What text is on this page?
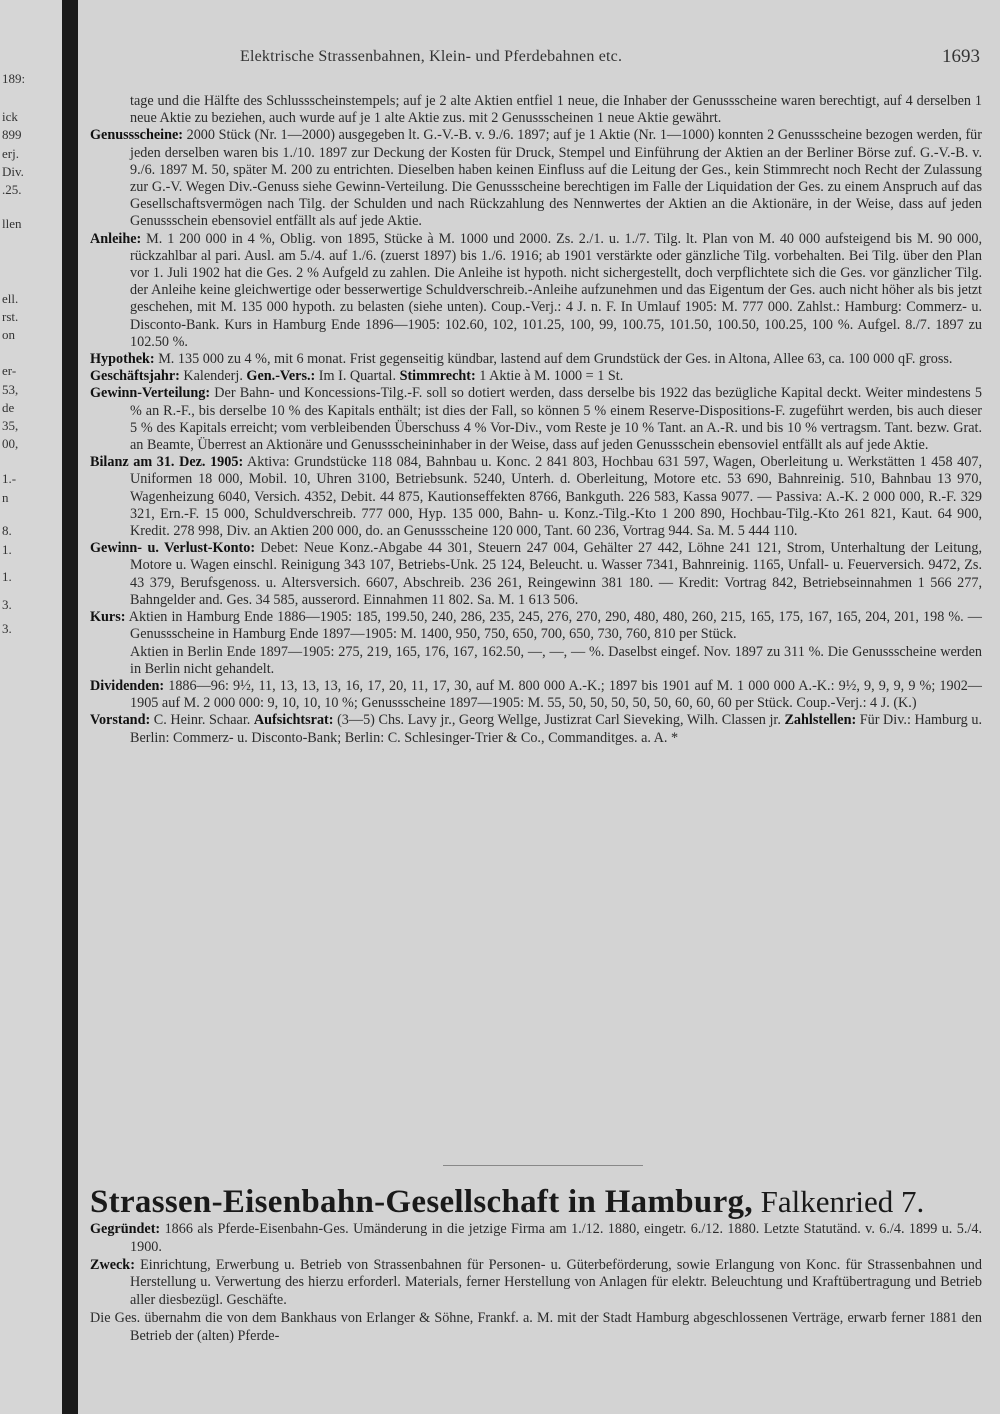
189:
ick
899
erj.
Div.
.25.
llen
ell.
rst.
on
er-
53,
de
35,
00,
1.-
n
8.
1.
1.
3.
3.
Elektrische Strassenbahnen, Klein- und Pferdebahnen etc.	1693

tage und die Hälfte des Schlussscheinstempels; auf je 2 alte Aktien entfiel 1 neue, die Inhaber der Genussscheine waren berechtigt, auf 4 derselben 1 neue Aktie zu beziehen, auch wurde auf je 1 alte Aktie zus. mit 2 Genussscheinen 1 neue Aktie gewährt.

Genussscheine: 2000 Stück (Nr. 1—2000) ausgegeben lt. G.-V.-B. v. 9./6. 1897; auf je 1 Aktie (Nr. 1—1000) konnten 2 Genussscheine bezogen werden, für jeden derselben waren bis 1./10. 1897 zur Deckung der Kosten für Druck, Stempel und Einführung der Aktien an der Berliner Börse zuf. G.-V.-B. v. 9./6. 1897 M. 50, später M. 200 zu entrichten. Dieselben haben keinen Einfluss auf die Leitung der Ges., kein Stimmrecht noch Recht der Zulassung zur G.-V. Wegen Div.-Genuss siehe Gewinn-Verteilung. Die Genussscheine berechtigen im Falle der Liquidation der Ges. zu einem Anspruch auf das Gesellschaftsvermögen nach Tilg. der Schulden und nach Rückzahlung des Nennwertes der Aktien an die Aktionäre, in der Weise, dass auf jeden Genussschein ebensoviel entfällt als auf jede Aktie.

Anleihe: M. 1 200 000 in 4 %, Oblig. von 1895, Stücke à M. 1000 und 2000. Zs. 2./1. u. 1./7. Tilg. lt. Plan von M. 40 000 aufsteigend bis M. 90 000, rückzahlbar al pari. Ausl. am 5./4. auf 1./6. (zuerst 1897) bis 1./6. 1916; ab 1901 verstärkte oder gänzliche Tilg. vorbehalten. Bei Tilg. über den Plan vor 1. Juli 1902 hat die Ges. 2 % Aufgeld zu zahlen. Die Anleihe ist hypoth. nicht sichergestellt, doch verpflichtete sich die Ges. vor gänzlicher Tilg. der Anleihe keine gleichwertige oder besserwertige Schuldverschreib.-Anleihe aufzunehmen und das Eigentum der Ges. auch nicht höher als bis jetzt geschehen, mit M. 135 000 hypoth. zu belasten (siehe unten). Coup.-Verj.: 4 J. n. F. In Umlauf 1905: M. 777 000. Zahlst.: Hamburg: Commerz- u. Disconto-Bank. Kurs in Hamburg Ende 1896—1905: 102.60, 102, 101.25, 100, 99, 100.75, 101.50, 100.50, 100.25, 100 %. Aufgel. 8./7. 1897 zu 102.50 %.

Hypothek: M. 135 000 zu 4 %, mit 6 monat. Frist gegenseitig kündbar, lastend auf dem Grundstück der Ges. in Altona, Allee 63, ca. 100 000 qF. gross.

Geschäftsjahr: Kalenderj. Gen.-Vers.: Im I. Quartal. Stimmrecht: 1 Aktie à M. 1000 = 1 St.

Gewinn-Verteilung: Der Bahn- und Koncessions-Tilg.-F. soll so dotiert werden, dass derselbe bis 1922 das bezügliche Kapital deckt. Weiter mindestens 5 % an R.-F., bis derselbe 10 % des Kapitals enthält; ist dies der Fall, so können 5 % einem Reserve-Dispositions-F. zugeführt werden, bis auch dieser 5 % des Kapitals erreicht; vom verbleibenden Überschuss 4 % Vor-Div., vom Reste je 10 % Tant. an A.-R. und bis 10 % vertragsm. Tant. bezw. Grat. an Beamte, Überrest an Aktionäre und Genussscheininhaber in der Weise, dass auf jeden Genussschein ebensoviel entfällt als auf jede Aktie.

Bilanz am 31. Dez. 1905: Aktiva: Grundstücke 118 084, Bahnbau u. Konc. 2 841 803, Hochbau 631 597, Wagen, Oberleitung u. Werkstätten 1 458 407, Uniformen 18 000, Mobil. 10, Uhren 3100, Betriebsunk. 5240, Unterh. d. Oberleitung, Motore etc. 53 690, Bahnreinig. 510, Bahnbau 13 970, Wagenheizung 6040, Versich. 4352, Debit. 44 875, Kautionseffekten 8766, Bankguth. 226 583, Kassa 9077. — Passiva: A.-K. 2 000 000, R.-F. 329 321, Ern.-F. 15 000, Schuldverschreib. 777 000, Hyp. 135 000, Bahn- u. Konz.-Tilg.-Kto 1 200 890, Hochbau-Tilg.-Kto 261 821, Kaut. 64 900, Kredit. 278 998, Div. an Aktien 200 000, do. an Genussscheine 120 000, Tant. 60 236, Vortrag 944. Sa. M. 5 444 110.

Gewinn- u. Verlust-Konto: Debet: Neue Konz.-Abgabe 44 301, Steuern 247 004, Gehälter 27 442, Löhne 241 121, Strom, Unterhaltung der Leitung, Motore u. Wagen einschl. Reinigung 343 107, Betriebs-Unk. 25 124, Beleucht. u. Wasser 7341, Bahnreinig. 1165, Unfall- u. Feuerversich. 9472, Zs. 43 379, Berufsgenoss. u. Altersversich. 6607, Abschreib. 236 261, Reingewinn 381 180. — Kredit: Vortrag 842, Betriebseinnahmen 1 566 277, Bahngelder and. Ges. 34 585, ausserord. Einnahmen 11 802. Sa. M. 1 613 506.

Kurs: Aktien in Hamburg Ende 1886—1905: 185, 199.50, 240, 286, 235, 245, 276, 270, 290, 480, 480, 260, 215, 165, 175, 167, 165, 204, 201, 198 %. — Genussscheine in Hamburg Ende 1897—1905: M. 1400, 950, 750, 650, 700, 650, 730, 760, 810 per Stück.

Aktien in Berlin Ende 1897—1905: 275, 219, 165, 176, 167, 162.50, —, —, — %. Daselbst eingef. Nov. 1897 zu 311 %. Die Genussscheine werden in Berlin nicht gehandelt.

Dividenden: 1886—96: 9½, 11, 13, 13, 13, 16, 17, 20, 11, 17, 30, auf M. 800 000 A.-K.; 1897 bis 1901 auf M. 1 000 000 A.-K.: 9½, 9, 9, 9, 9 %; 1902—1905 auf M. 2 000 000: 9, 10, 10, 10 %; Genussscheine 1897—1905: M. 55, 50, 50, 50, 50, 50, 60, 60, 60 per Stück. Coup.-Verj.: 4 J. (K.)

Vorstand: C. Heinr. Schaar. Aufsichtsrat: (3—5) Chs. Lavy jr., Georg Wellge, Justizrat Carl Sieveking, Wilh. Classen jr. Zahlstellen: Für Div.: Hamburg u. Berlin: Commerz- u. Disconto-Bank; Berlin: C. Schlesinger-Trier & Co., Commanditges. a. A. *

Strassen-Eisenbahn-Gesellschaft in Hamburg, Falkenried 7.

Gegründet: 1866 als Pferde-Eisenbahn-Ges. Umänderung in die jetzige Firma am 1./12. 1880, eingetr. 6./12. 1880. Letzte Statutänd. v. 6./4. 1899 u. 5./4. 1900.

Zweck: Einrichtung, Erwerbung u. Betrieb von Strassenbahnen für Personen- u. Güterbeförderung, sowie Erlangung von Konc. für Strassenbahnen und Herstellung u. Verwertung des hierzu erforderl. Materials, ferner Herstellung von Anlagen für elektr. Beleuchtung und Kraftübertragung und Betrieb aller diesbezügl. Geschäfte.

Die Ges. übernahm die von dem Bankhaus von Erlanger & Söhne, Frankf. a. M. mit der Stadt Hamburg abgeschlossenen Verträge, erwarb ferner 1881 den Betrieb der (alten) Pferde-
